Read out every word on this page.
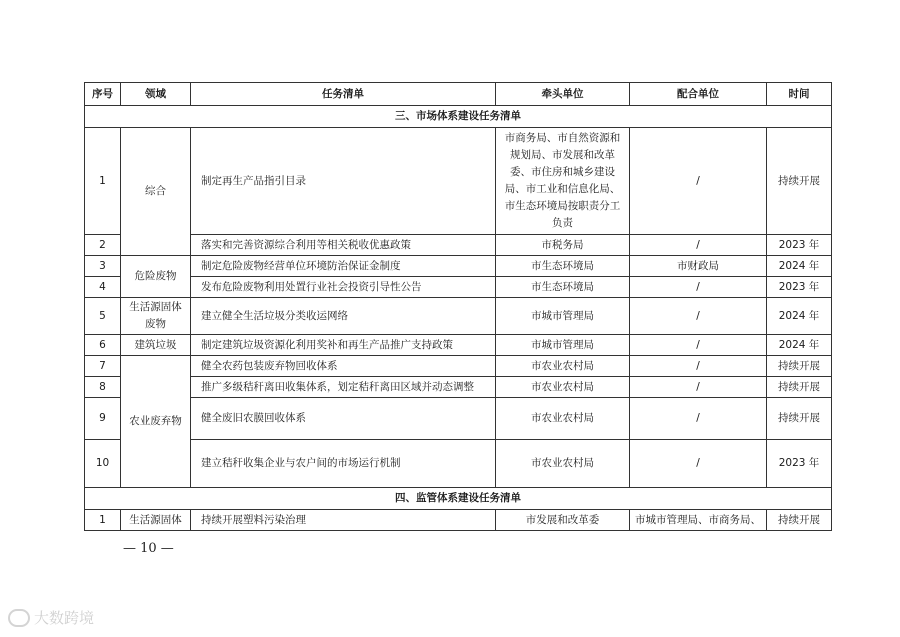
序号	领域	任务清单	牵头单位	配合单位	时间
三、市场体系建设任务清单					
1	综合	制定再生产品指引目录	市商务局、市自然资源和规划局、市发展和改革委、市住房和城乡建设局、市工业和信息化局、市生态环境局按职责分工负责	/	持续开展
2		落实和完善资源综合利用等相关税收优惠政策	市税务局	/	2023 年
3	危险废物	制定危险废物经营单位环境防治保证金制度	市生态环境局	市财政局	2024 年
4		发布危险废物利用处置行业社会投资引导性公告	市生态环境局	/	2023 年
5	生活源固体废物	建立健全生活垃圾分类收运网络	市城市管理局	/	2024 年
6	建筑垃圾	制定建筑垃圾资源化利用奖补和再生产品推广支持政策	市城市管理局	/	2024 年
7	农业废弃物	健全农药包装废弃物回收体系	市农业农村局	/	持续开展
8		推广多级秸秆离田收集体系，划定秸秆离田区域并动态调整	市农业农村局	/	持续开展
9		健全废旧农膜回收体系	市农业农村局	/	持续开展
10		建立秸秆收集企业与农户间的市场运行机制	市农业农村局	/	2023 年
四、监管体系建设任务清单					
1	生活源固体	持续开展塑料污染治理	市发展和改革委	市城市管理局、市商务局、	持续开展
— 10 —
大数跨境
